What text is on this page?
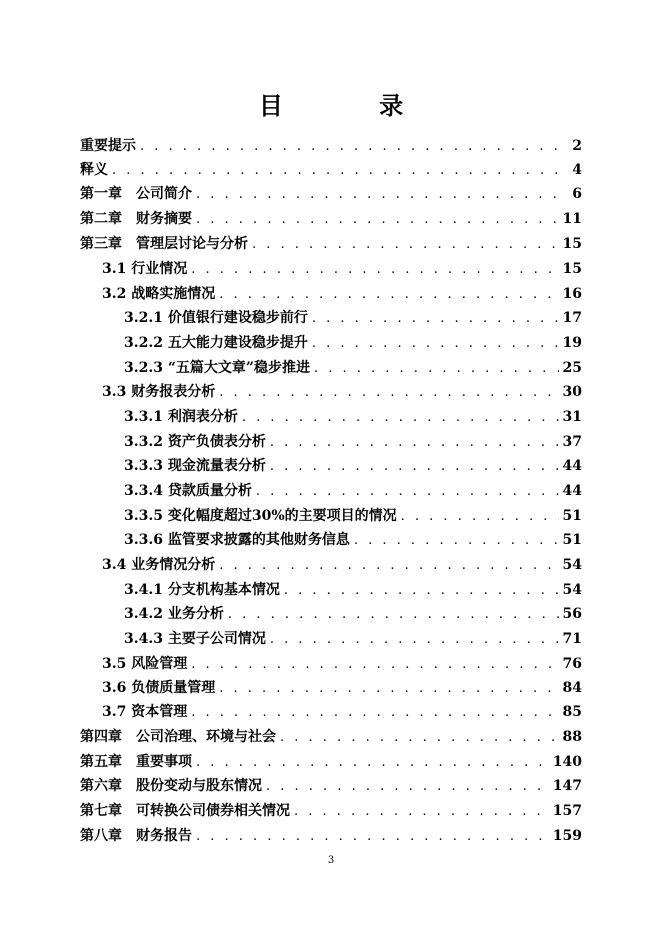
目 录
重要提示 . . .	2
释义 . . .	4
第一章　公司简介 . . .	6
第二章　财务摘要 . . .	11
第三章　管理层讨论与分析 . . .	15
3.1 行业情况 . . .	15
3.2 战略实施情况 . . .	16
3.2.1 价值银行建设稳步前行 . . .	17
3.2.2 五大能力建设稳步提升 . . .	19
3.2.3 “五篇大文章”稳步推进 . . .	25
3.3 财务报表分析 . . .	30
3.3.1 利润表分析 . . .	31
3.3.2 资产负债表分析 . . .	37
3.3.3 现金流量表分析 . . .	44
3.3.4 贷款质量分析 . . .	44
3.3.5 变化幅度超过30%的主要项目的情况 . . .	51
3.3.6 监管要求披露的其他财务信息 . . .	51
3.4 业务情况分析 . . .	54
3.4.1 分支机构基本情况 . . .	54
3.4.2 业务分析 . . .	56
3.4.3 主要子公司情况 . . .	71
3.5 风险管理 . . .	76
3.6 负债质量管理 . . .	84
3.7 资本管理 . . .	85
第四章　公司治理、环境与社会 . . .	88
第五章　重要事项 . . .	140
第六章　股份变动与股东情况 . . .	147
第七章　可转换公司债券相关情况 . . .	157
第八章　财务报告 . . .	159
3
